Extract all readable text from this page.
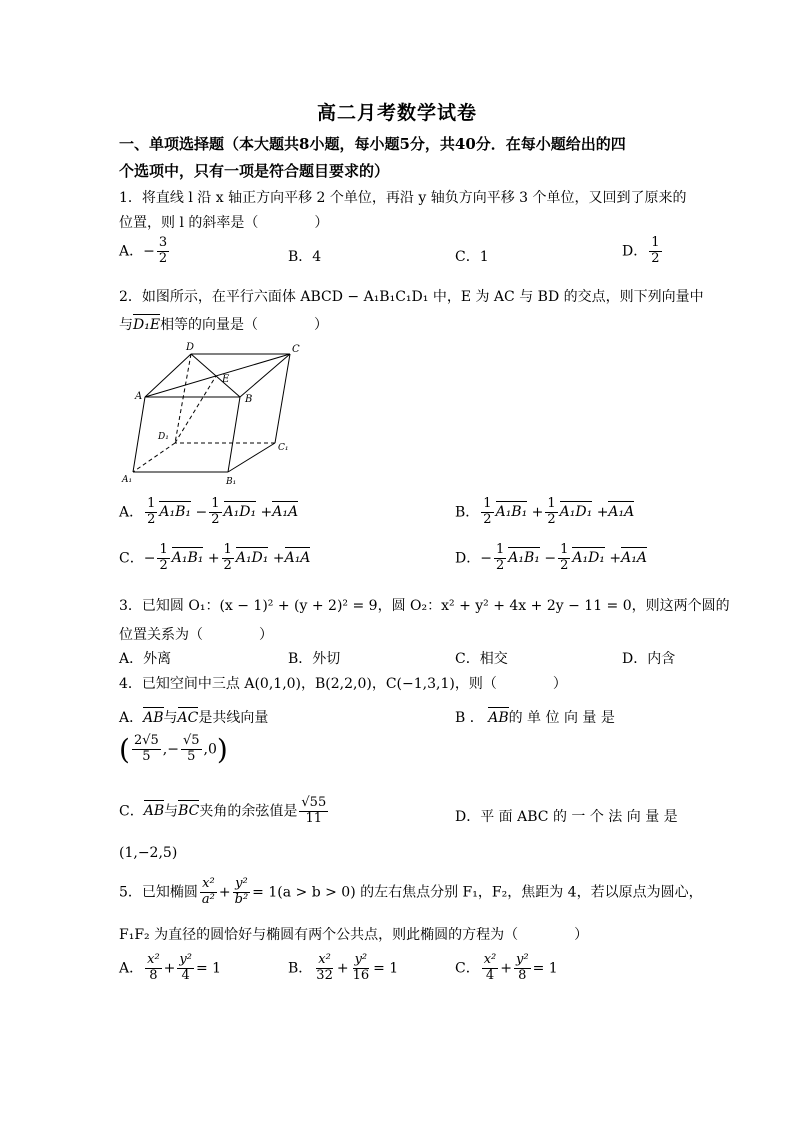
高二月考数学试卷
一、单项选择题（本大题共8小题，每小题5分，共40分．在每小题给出的四
个选项中，只有一项是符合题目要求的）
1．将直线 l 沿 x 轴正方向平移 2 个单位，再沿 y 轴负方向平移 3 个单位，又回到了原来的
位置，则 l 的斜率是（　　　　）
A．− $\frac{3}{2}$	B．4	C．1	D． $\frac{1}{2}$
2．如图所示，在平行六面体 ABCD − A₁B₁C₁D₁ 中，E 为 AC 与 BD 的交点，则下列向量中
与D₁E相等的向量是（　　　　）
D	C
A	B
E
D₁
C₁
A₁	B₁
A． $\frac{1}{2} A_1B_1 - \frac{1}{2} A_1D_1 +A_1A$	B． $\frac{1}{2} A_1B_1 + \frac{1}{2} A_1D_1 +A_1A$
C．− $\frac{1}{2} A_1B_1 + \frac{1}{2} A_1D_1 +A_1A$	D．− $\frac{1}{2} A_1B_1 - \frac{1}{2} A_1D_1 +A_1A$
3．已知圆 O₁：(x − 1)² + (y + 2)² = 9，圆 O₂：x² + y² + 4x + 2y − 11 = 0，则这两个圆的
位置关系为（　　　　）
A．外离	B．外切	C．相交	D．内含
4．已知空间中三点 A(0,1,0)，B(2,2,0)，C(−1,3,1)，则（　　　　）
A．AB与AC是共线向量	B ． AB的 单 位 向 量 是
( $\frac{2√5}{5}$ ,− $\frac{√5}{5} ,0$)
C．AB与BC夹角的余弦值是 $\frac{√55}{11}$	D．平 面 ABC 的 一 个 法 向 量 是
(1,−2,5)
5．已知椭圆 $\frac{\text{x²}}{\text{a²}} + \frac{\text{y²}}{\text{b²}} = 1(a > b > 0)$ 的左右焦点分别 F₁，F₂，焦距为 4，若以原点为圆心，
F₁F₂ 为直径的圆恰好与椭圆有两个公共点，则此椭圆的方程为（　　　　）
A． $\frac{\text{x²}}{8} + \frac{\text{y²}}{4} = 1$	B． $\frac{\text{x²}}{32} + \frac{\text{y²}}{16} = 1$	C． $\frac{\text{x²}}{4} + \frac{\text{y²}}{8} = 1$
